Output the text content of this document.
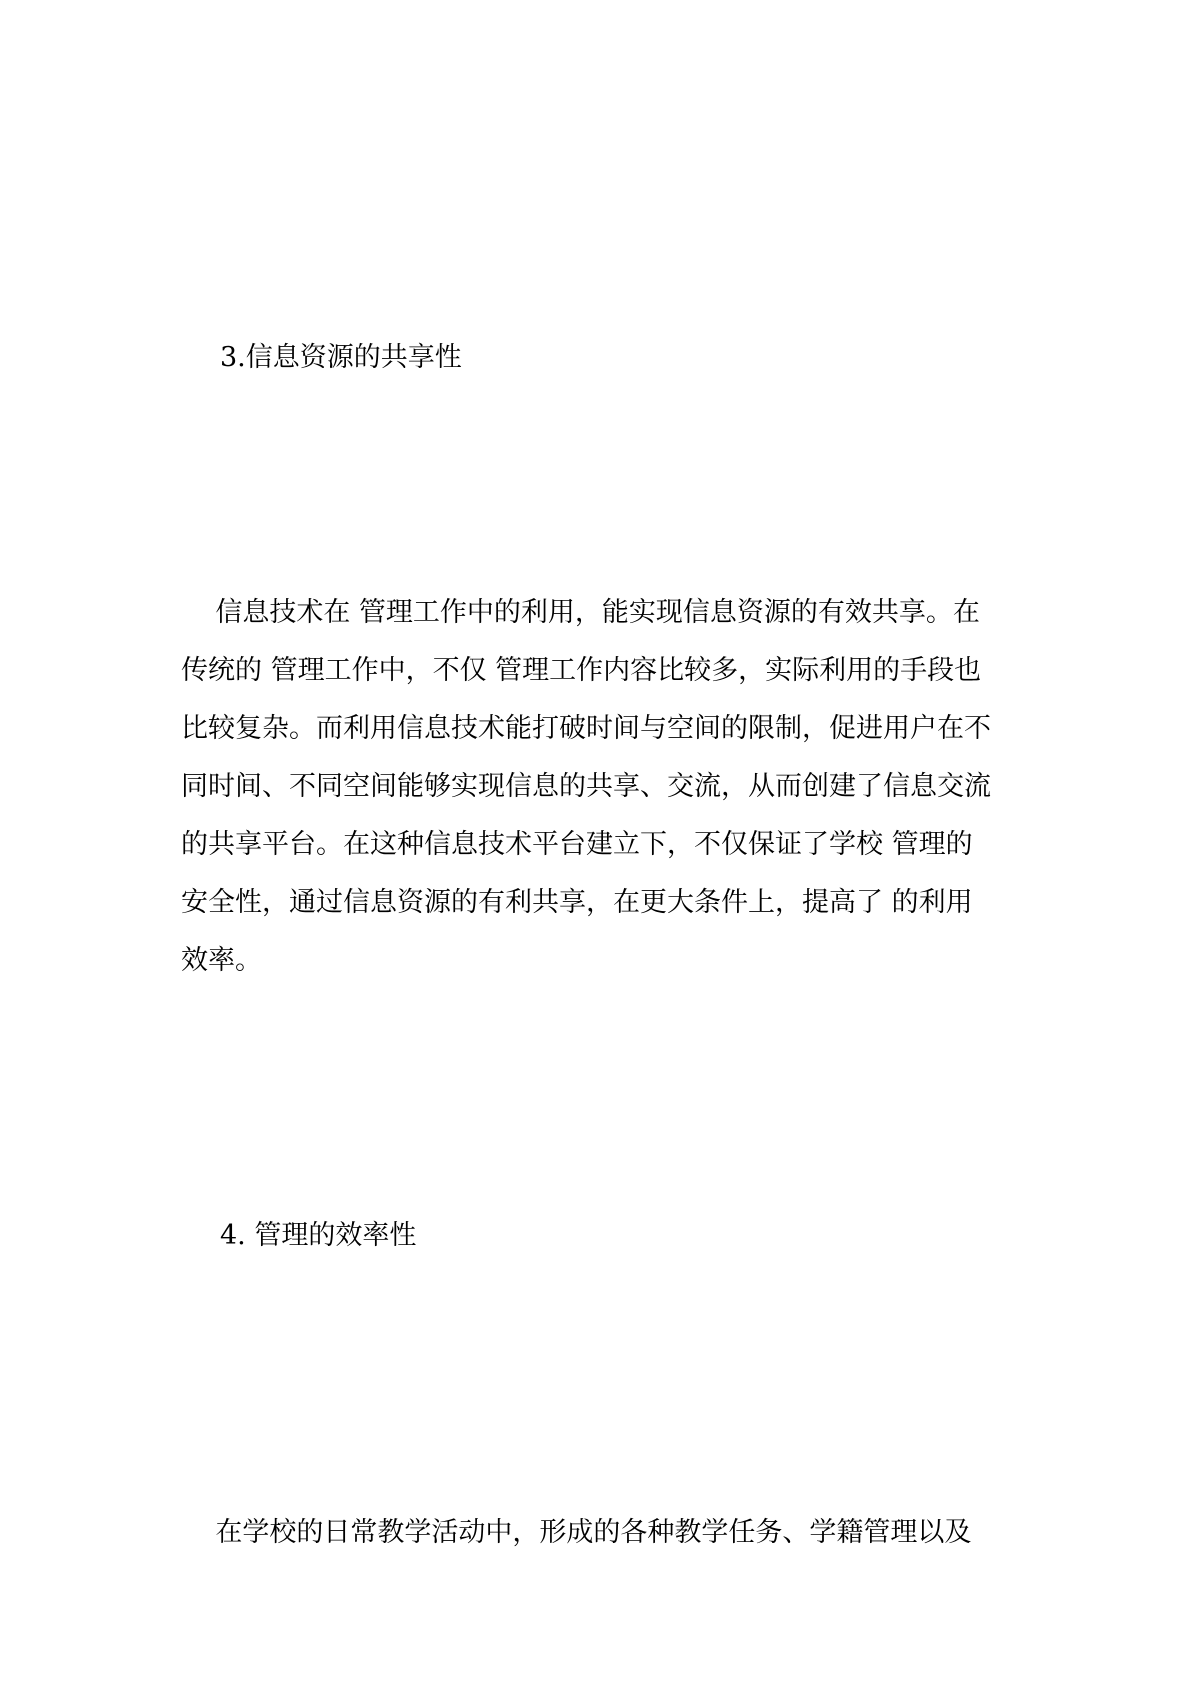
3.信息资源的共享性
信息技术在 管理工作中的利用，能实现信息资源的有效共享。在
传统的 管理工作中，不仅 管理工作内容比较多，实际利用的手段也
比较复杂。而利用信息技术能打破时间与空间的限制，促进用户在不
同时间、不同空间能够实现信息的共享、交流，从而创建了信息交流
的共享平台。在这种信息技术平台建立下，不仅保证了学校 管理的
安全性，通过信息资源的有利共享，在更大条件上，提高了 的利用
效率。
4. 管理的效率性
在学校的日常教学活动中，形成的各种教学任务、学籍管理以及
